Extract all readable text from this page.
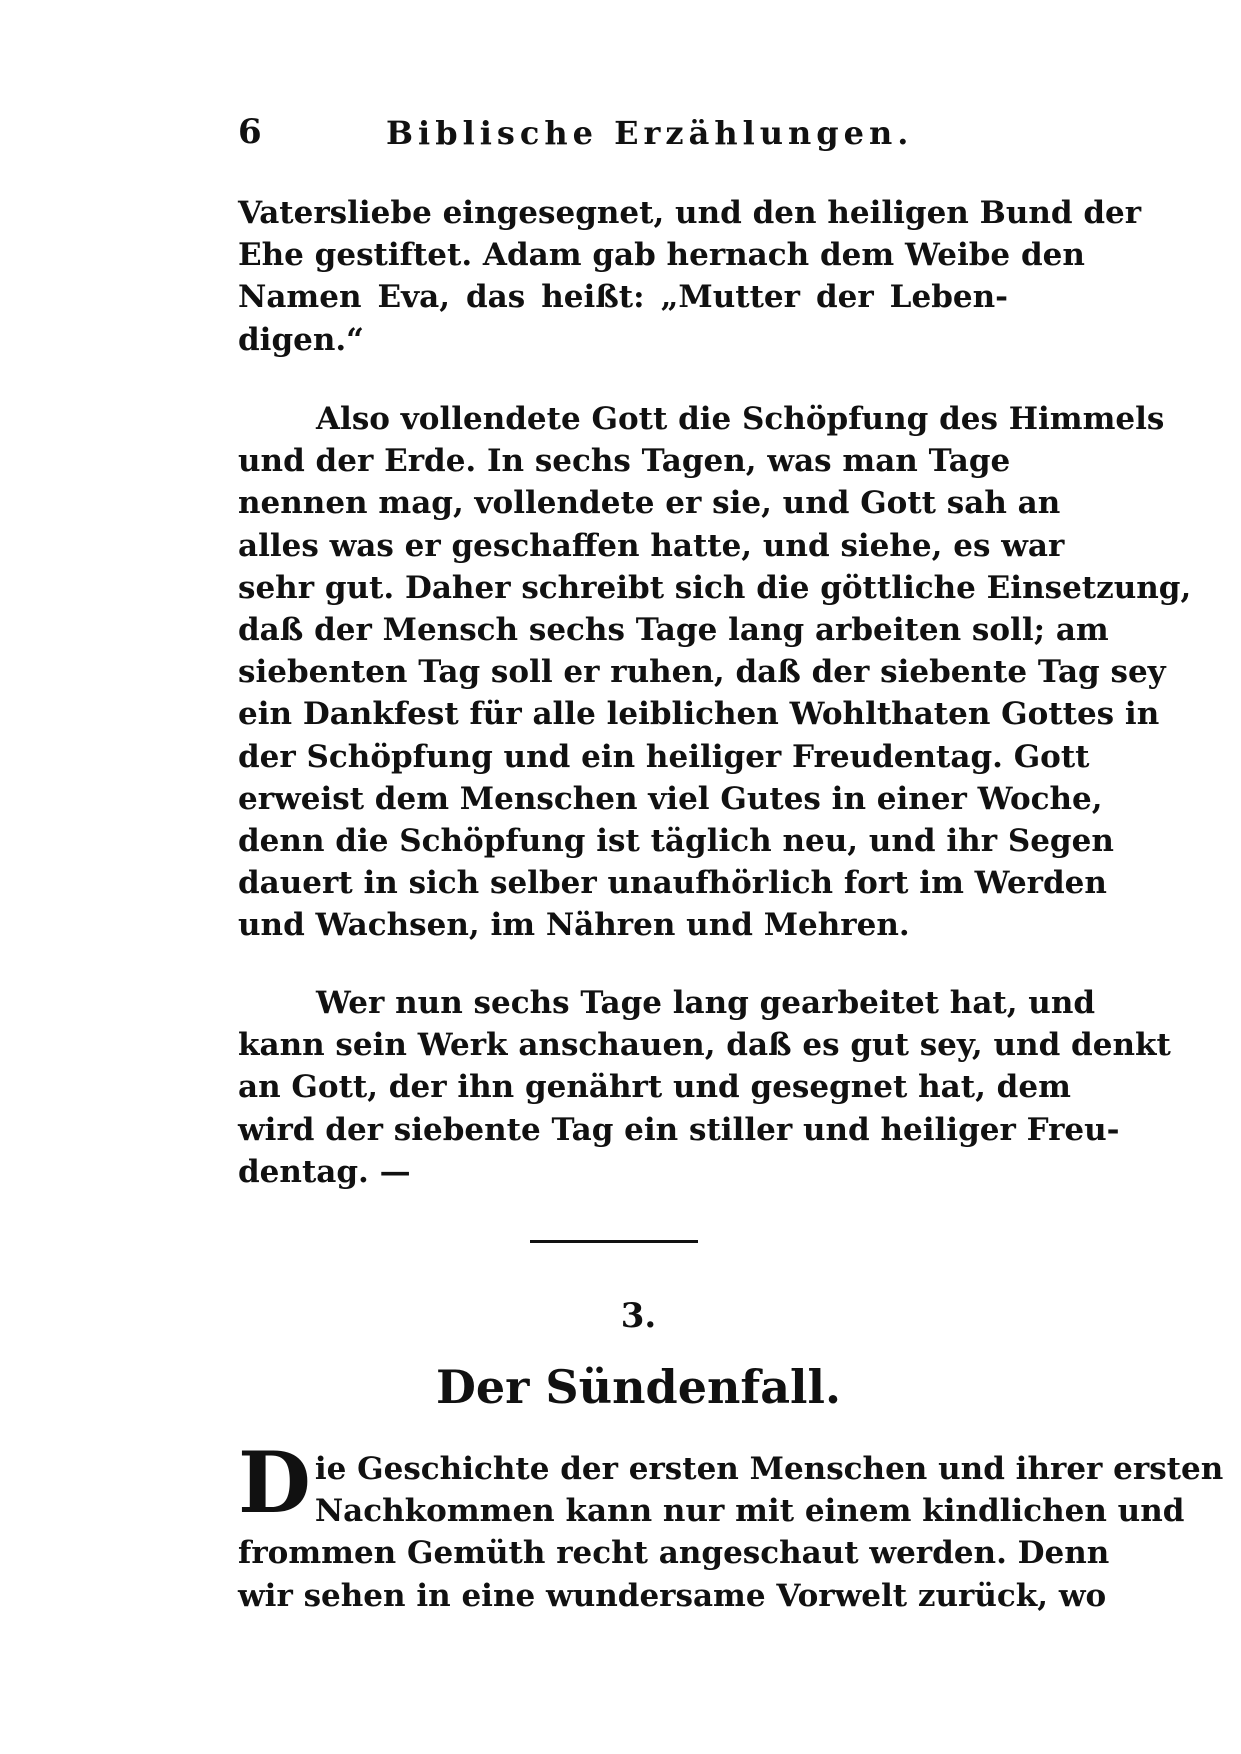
6	Biblische Erzählungen.
Vatersliebe eingesegnet, und den heiligen Bund der
Ehe gestiftet. Adam gab hernach dem Weibe den
Namen Eva, das heißt: „Mutter der Leben-
digen.“
Also vollendete Gott die Schöpfung des Himmels
und der Erde. In sechs Tagen, was man Tage
nennen mag, vollendete er sie, und Gott sah an
alles was er geschaffen hatte, und siehe, es war
sehr gut. Daher schreibt sich die göttliche Einsetzung,
daß der Mensch sechs Tage lang arbeiten soll; am
siebenten Tag soll er ruhen, daß der siebente Tag sey
ein Dankfest für alle leiblichen Wohlthaten Gottes in
der Schöpfung und ein heiliger Freudentag. Gott
erweist dem Menschen viel Gutes in einer Woche,
denn die Schöpfung ist täglich neu, und ihr Segen
dauert in sich selber unaufhörlich fort im Werden
und Wachsen, im Nähren und Mehren.
Wer nun sechs Tage lang gearbeitet hat, und
kann sein Werk anschauen, daß es gut sey, und denkt
an Gott, der ihn genährt und gesegnet hat, dem
wird der siebente Tag ein stiller und heiliger Freu-
dentag. —
3.
Der Sündenfall.
D ie Geschichte der ersten Menschen und ihrer ersten
Nachkommen kann nur mit einem kindlichen und
frommen Gemüth recht angeschaut werden. Denn
wir sehen in eine wundersame Vorwelt zurück, wo
